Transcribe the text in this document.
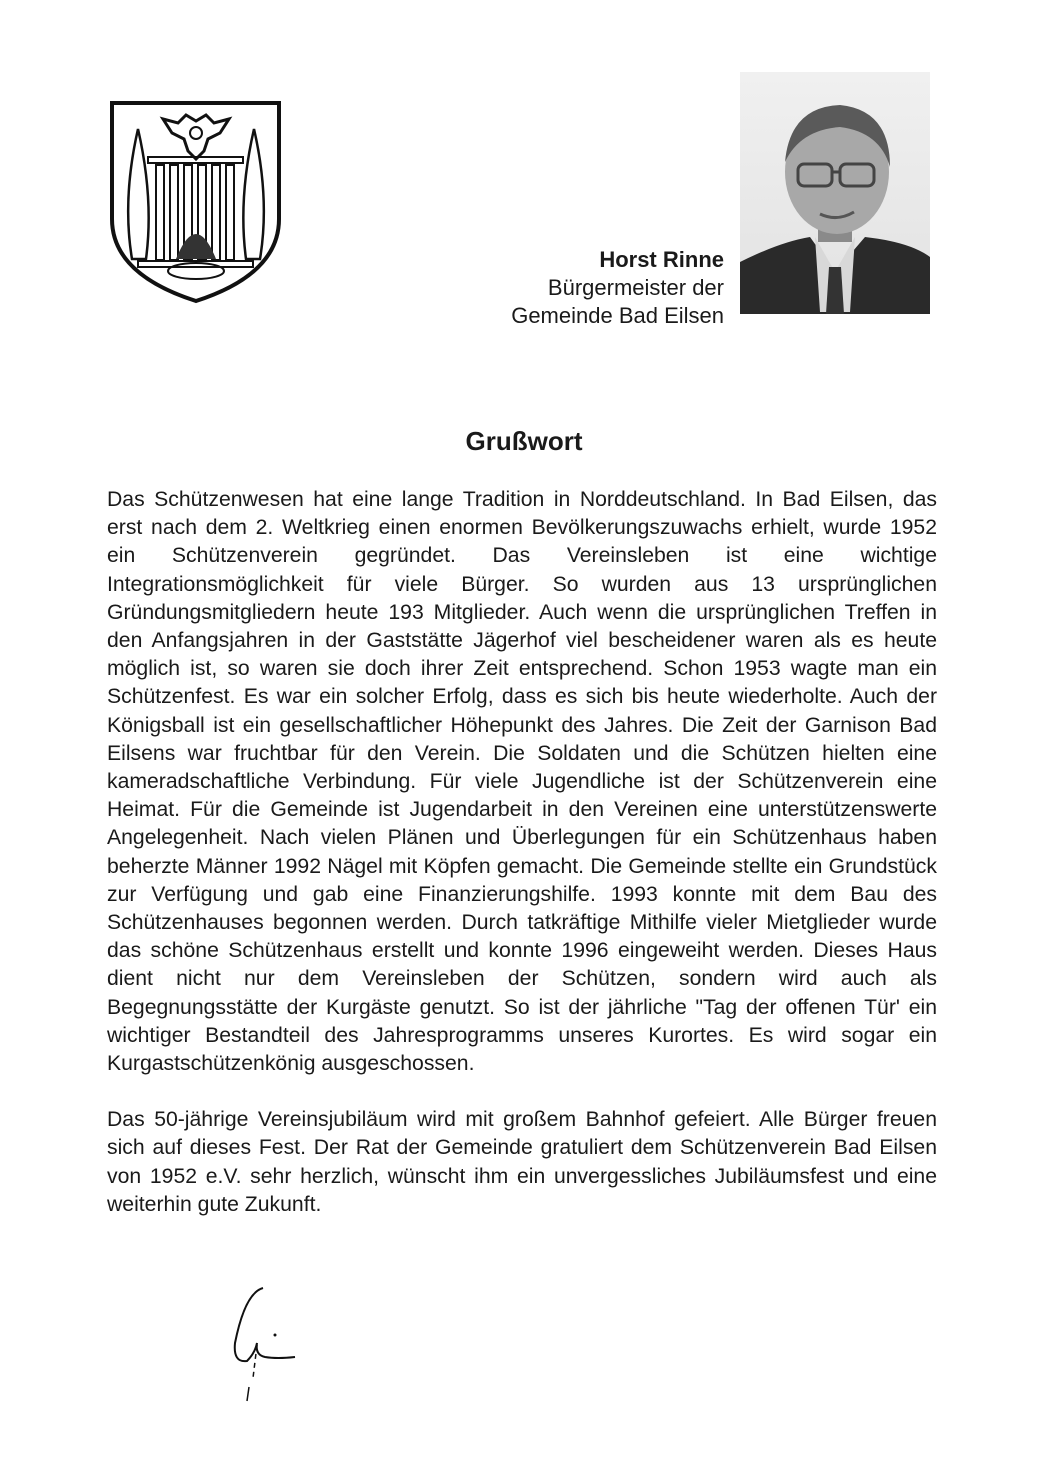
Horst Rinne
Bürgermeister der
Gemeinde Bad Eilsen
Grußwort

Das Schützenwesen hat eine lange Tradition in Norddeutschland. In Bad Eilsen, das erst nach dem 2. Weltkrieg einen enormen Bevölkerungszuwachs erhielt, wurde 1952 ein Schützenverein gegründet. Das Vereinsleben ist eine wichtige Integrationsmöglichkeit für viele Bürger. So wurden aus 13 ursprünglichen Gründungsmitgliedern heute 193 Mitglieder. Auch wenn die ursprünglichen Treffen in den Anfangsjahren in der Gaststätte Jägerhof viel bescheidener waren als es heute möglich ist, so waren sie doch ihrer Zeit entsprechend. Schon 1953 wagte man ein Schützenfest. Es war ein solcher Erfolg, dass es sich bis heute wiederholte. Auch der Königsball ist ein gesellschaftlicher Höhepunkt des Jahres. Die Zeit der Garnison Bad Eilsens war fruchtbar für den Verein. Die Soldaten und die Schützen hielten eine kameradschaftliche Verbindung. Für viele Jugendliche ist der Schützenverein eine Heimat. Für die Gemeinde ist Jugendarbeit in den Vereinen eine unterstützenswerte Angelegenheit. Nach vielen Plänen und Überlegungen für ein Schützenhaus haben beherzte Männer 1992 Nägel mit Köpfen gemacht. Die Gemeinde stellte ein Grundstück zur Verfügung und gab eine Finanzierungshilfe. 1993 konnte mit dem Bau des Schützenhauses begonnen werden. Durch tatkräftige Mithilfe vieler Mietglieder wurde das schöne Schützenhaus erstellt und konnte 1996 eingeweiht werden. Dieses Haus dient nicht nur dem Vereinsleben der Schützen, sondern wird auch als Begegnungsstätte der Kurgäste genutzt. So ist der jährliche "Tag der offenen Tür' ein wichtiger Bestandteil des Jahresprogramms unseres Kurortes. Es wird sogar ein Kurgastschützenkönig ausgeschossen.

Das 50-jährige Vereinsjubiläum wird mit großem Bahnhof gefeiert. Alle Bürger freuen sich auf dieses Fest. Der Rat der Gemeinde gratuliert dem Schützenverein Bad Eilsen von 1952 e.V. sehr herzlich, wünscht ihm ein unvergessliches Jubiläumsfest und eine weiterhin gute Zukunft.
